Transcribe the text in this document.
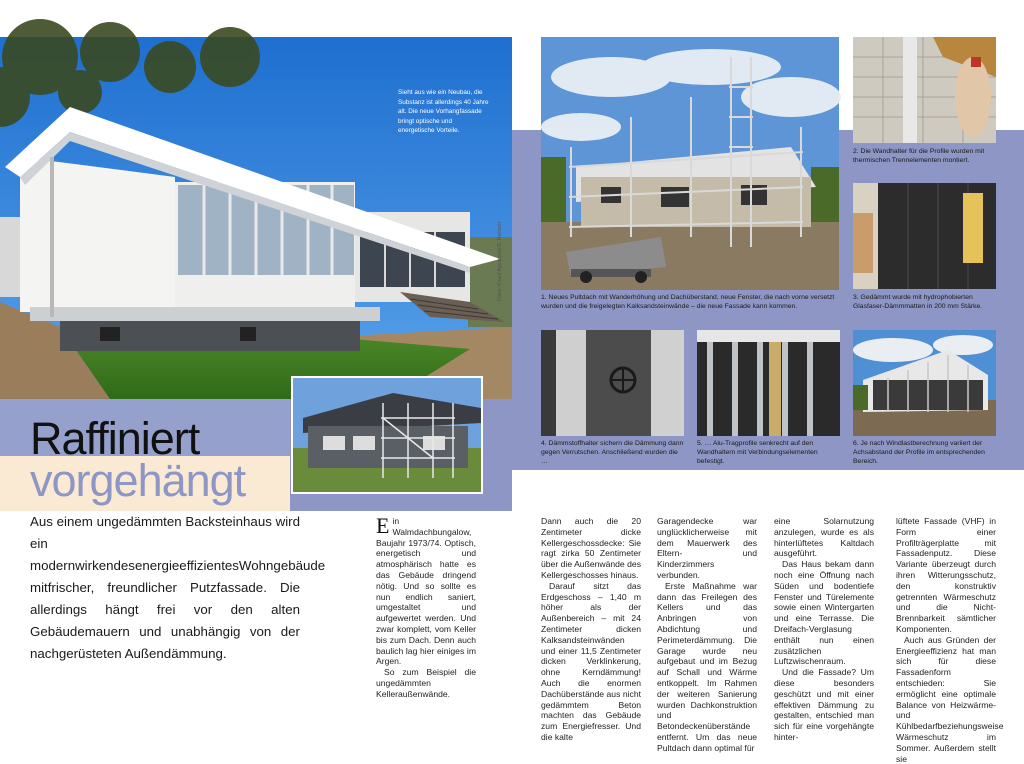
Sieht aus wie ein Neubau, die Substanz ist allerdings 40 Jahre alt. Die neue Vorhangfassade bringt optische und energetische Vorteile.
Fotos: Knauf Aquapanel/E. Reinsch
Raffiniert
vorgehängt

Aus einem ungedämmten Backsteinhaus wird ein modernwirkendesenergieeffizientesWohngebäude mitfrischer, freundlicher Putzfassade. Die allerdings hängt frei vor den alten Gebäudemauern und unabhängig von der nachgerüsteten Außendämmung.

E in Walmdachbungalow, Baujahr 1973/74. Optisch, energetisch und atmosphärisch hatte es das Gebäude dringend nötig. Und so sollte es nun endlich saniert, umgestaltet und aufgewertet werden. Und zwar komplett, vom Keller bis zum Dach. Denn auch baulich lag hier einiges im Argen.

So zum Beispiel die ungedämmten Kelleraußenwände.

Dann auch die 20 Zentimeter dicke Kellergeschossdecke: Sie ragt zirka 50 Zentimeter über die Außenwände des Kellergeschosses hinaus.

Darauf sitzt das Erdgeschoss – 1,40 m höher als der Außenbereich – mit 24 Zentimeter dicken Kalksandsteinwänden und einer 11,5 Zentimeter dicken Verklinkerung, ohne Kerndämmung! Auch die enormen Dachüberstände aus nicht gedämmtem Beton machten das Gebäude zum Energiefresser. Und die kalte

Garagendecke war unglücklicherweise mit dem Mauerwerk des Eltern- und Kinderzimmers verbunden.

Erste Maßnahme war dann das Freilegen des Kellers und das Anbringen von Abdichtung und Perimeterdämmung. Die Garage wurde neu aufgebaut und im Bezug auf Schall und Wärme entkoppelt. Im Rahmen der weiteren Sanierung wurden Dachkonstruktion und Betondeckenüberstände entfernt. Um das neue Pultdach dann optimal für

eine Solarnutzung anzulegen, wurde es als hinterlüftetes Kaltdach ausgeführt.

Das Haus bekam dann noch eine Öffnung nach Süden und bodentiefe Fenster und Türelemente sowie einen Wintergarten und eine Terrasse. Die Dreifach-Verglasung enthält nun einen zusätzlichen Luftzwischenraum.

Und die Fassade? Um diese besonders geschützt und mit einer effektiven Dämmung zu gestalten, entschied man sich für eine vorgehängte hinter-

lüftete Fassade (VHF) in Form einer Profilträgerplatte mit Fassadenputz. Diese Variante überzeugt durch ihren Witterungsschutz, den konstruktiv getrennten Wärmeschutz und die Nicht-Brennbarkeit sämtlicher Komponenten.

Auch aus Gründen der Energieeffizienz hat man sich für diese Fassadenform entschieden: Sie ermöglicht eine optimale Balance von Heizwärme- und Kühlbedarfbeziehungsweise Wärmeschutz im Sommer. Außerdem stellt sie

1. Neues Pultdach mit Wanderhöhung und Dachüberstand, neue Fenster, die nach vorne versetzt wurden und die freigelegten Kalksandsteinwände – die neue Fassade kann kommen.

2. Die Wandhalter für die Profile wurden mit thermischen Trennelementen montiert.

3. Gedämmt wurde mit hydrophobierten Glasfaser-Dämmmatten in 200 mm Stärke.

4. Dämmstoffhalter sichern die Dämmung dann gegen Verrutschen. Anschließend wurden die …

5. … Alu-Tragprofile senkrecht auf den Wandhaltern mit Verbindungselementen befestigt.

6. Je nach Windlastberechnung variiert der Achsabstand der Profile im entsprechenden Bereich.
